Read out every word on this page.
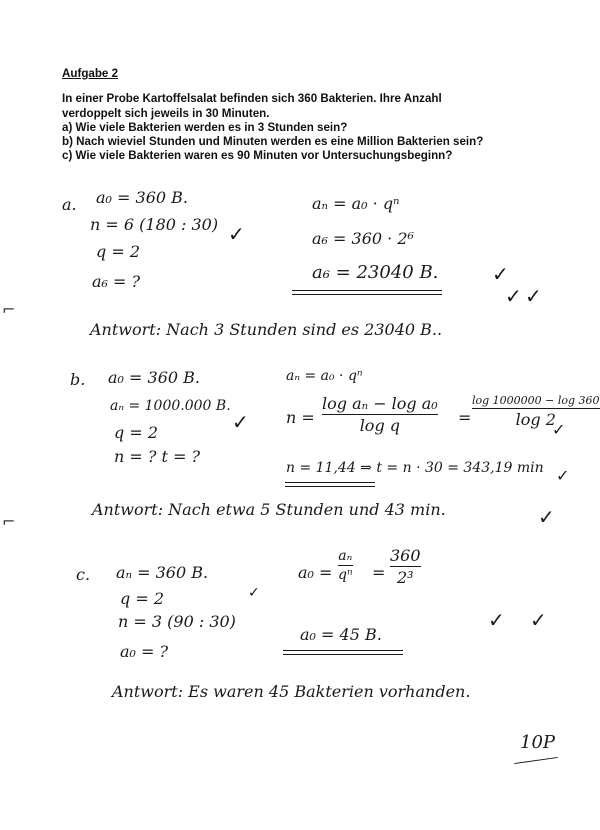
Aufgabe 2
In einer Probe Kartoffelsalat befinden sich 360 Bakterien. Ihre Anzahl
verdoppelt sich jeweils in 30 Minuten.
a) Wie viele Bakterien werden es in 3 Stunden sein?
b) Nach wieviel Stunden und Minuten werden es eine Million Bakterien sein?
c) Wie viele Bakterien waren es 90 Minuten vor Untersuchungsbeginn?
a. a₀ = 360 B.
n = 6 (180 : 30)
q = 2
a₆ = ?
✓
aₙ = a₀ · qⁿ
a₆ = 360 · 2⁶
a₆ = 23040 B.	✓
✓ ✓
Antwort: Nach 3 Stunden sind es 23040 B..
b. a₀ = 360 B.
aₙ = 1000.000 B.
q = 2
n = ? t = ?
✓
aₙ = a₀ · qⁿ
n =
log aₙ − log a₀
log q	=
log 1000000 − log 360
log 2
✓
n = 11,44 ⇒ t = n · 30 = 343,19 min ✓
Antwort: Nach etwa 5 Stunden und 43 min.	✓
c. aₙ = 360 B.
q = 2
n = 3 (90 : 30)
a₀ = ?
✓
a₀ =
aₙ
qⁿ =
360
2³
a₀ = 45 B.
✓ ✓
Antwort: Es waren 45 Bakterien vorhanden.
10P
⌐
⌐
